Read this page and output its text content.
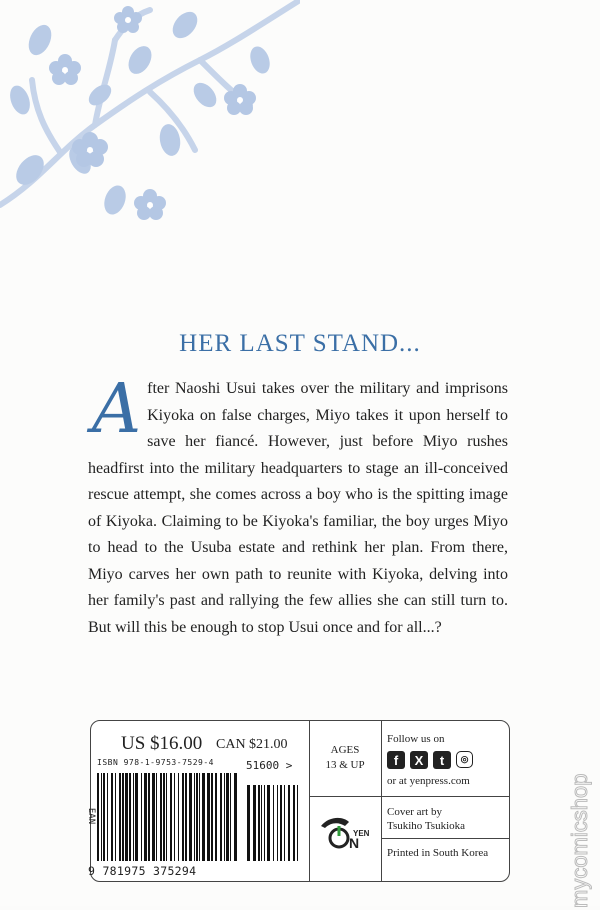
HER LAST STAND...
A fter Naoshi Usui takes over the military and imprisons Kiyoka on false charges, Miyo takes it upon herself to save her fiancé. However, just before Miyo rushes headfirst into the military headquarters to stage an ill-conceived rescue attempt, she comes across a boy who is the spitting image of Kiyoka. Claiming to be Kiyoka's familiar, the boy urges Miyo to head to the Usuba estate and rethink her plan. From there, Miyo carves her own path to reunite with Kiyoka, delving into her family's past and rallying the few allies she can still turn to. But will this be enough to stop Usui once and for all...?
US $16.00 CAN $21.00
ISBN 978-1-9753-7529-4	51600 >
EAN
9 781975 375294
AGES
13 & UP
Follow us on
f	X	t	◎
or at yenpress.com
Cover art by
Tsukiho Tsukioka
Printed in South Korea
YEN
N	mycomicshop
